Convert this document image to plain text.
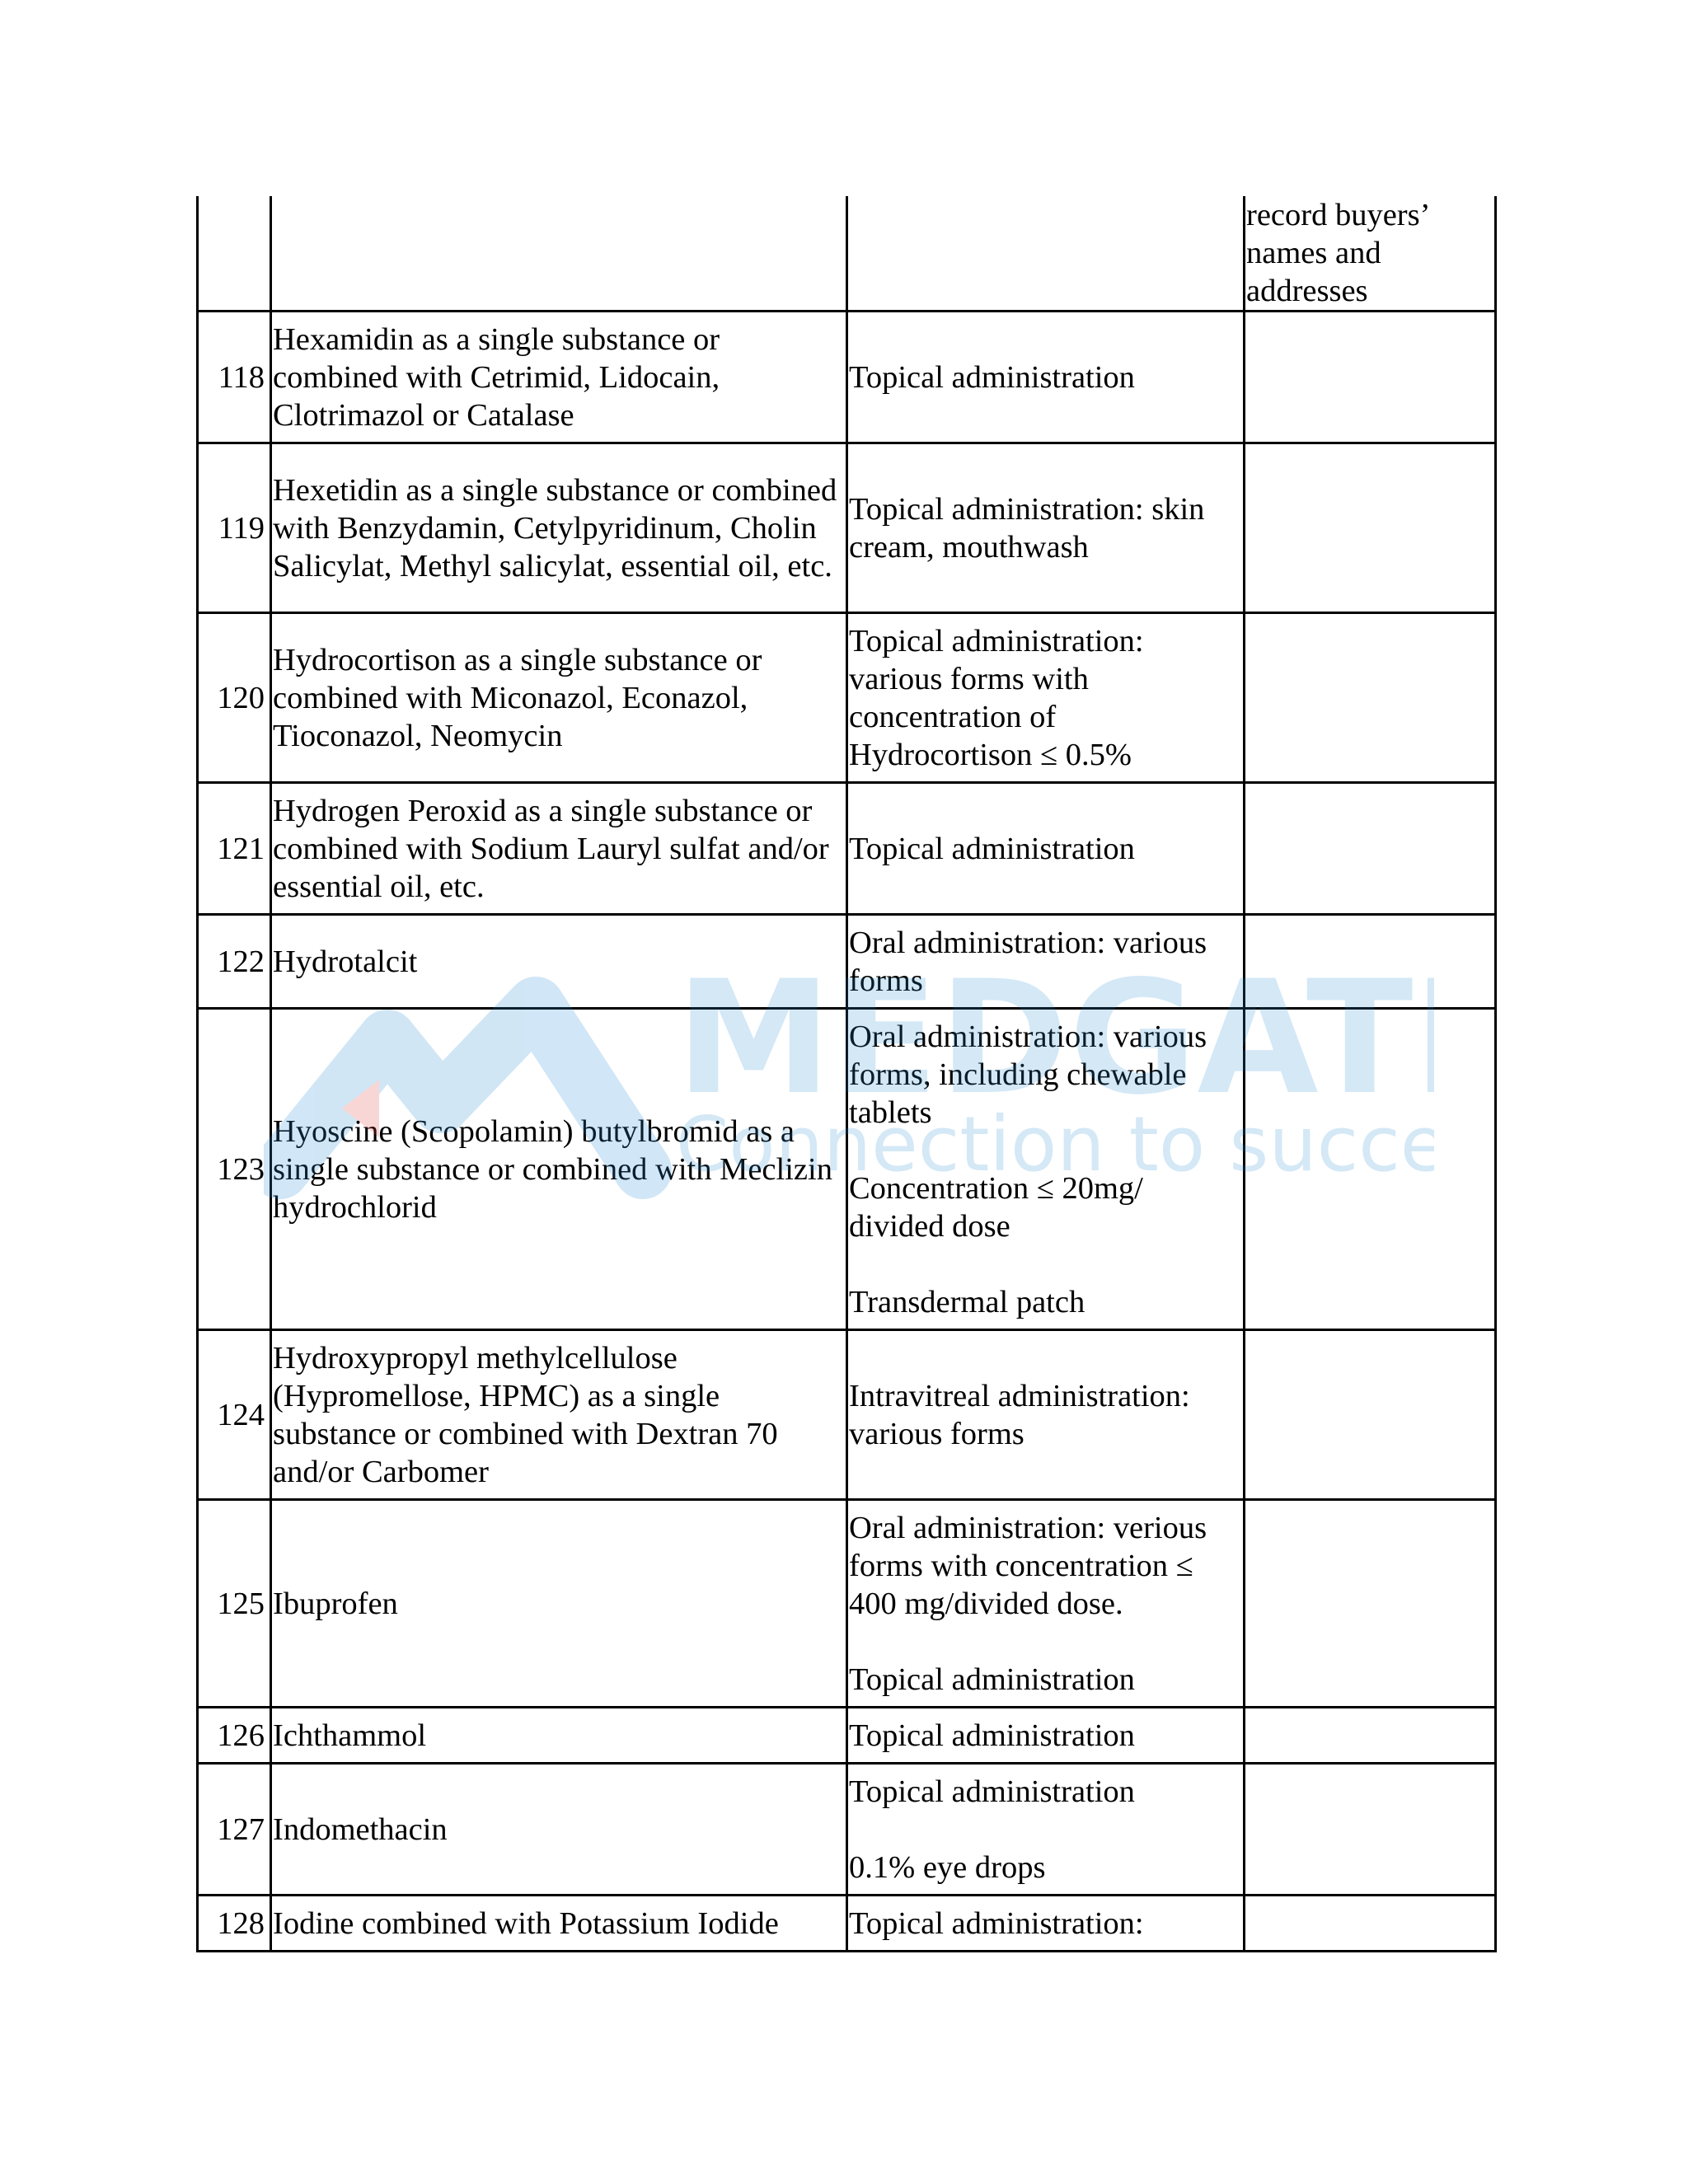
			record buyers’ names and addresses
118	Hexamidin as a single substance or combined with Cetrimid, Lidocain, Clotrimazol or Catalase	Topical administration	

119	Hexetidin as a single substance or combined with Benzydamin, Cetylpyridinum, Cholin Salicylat, Methyl salicylat, essential oil, etc.	Topical administration: skin cream, mouthwash	

120	Hydrocortison as a single substance or combined with Miconazol, Econazol, Tioconazol, Neomycin	Topical administration: various forms with concentration of Hydrocortison ≤ 0.5%	

121	Hydrogen Peroxid as a single substance or combined with Sodium Lauryl sulfat and/or essential oil, etc.	Topical administration	

122	Hydrotalcit	Oral administration: various forms	

123	Hyoscine (Scopolamin) butylbromid as a single substance or combined with Meclizin hydrochlorid	Oral administration: various forms, including chewable tablets
Concentration ≤ 20mg/ divided dose
Transdermal patch	

124	Hydroxypropyl methylcellulose (Hypromellose, HPMC) as a single substance or combined with Dextran 70 and/or Carbomer	Intravitreal administration: various forms	

125	Ibuprofen	Oral administration: verious forms with concentration ≤ 400 mg/divided dose.
Topical administration	

126	Ichthammol	Topical administration	

127	Indomethacin	Topical administration
0.1% eye drops	

128	Iodine combined with Potassium Iodide	Topical administration:	

MEDGAT
Connection to succe
